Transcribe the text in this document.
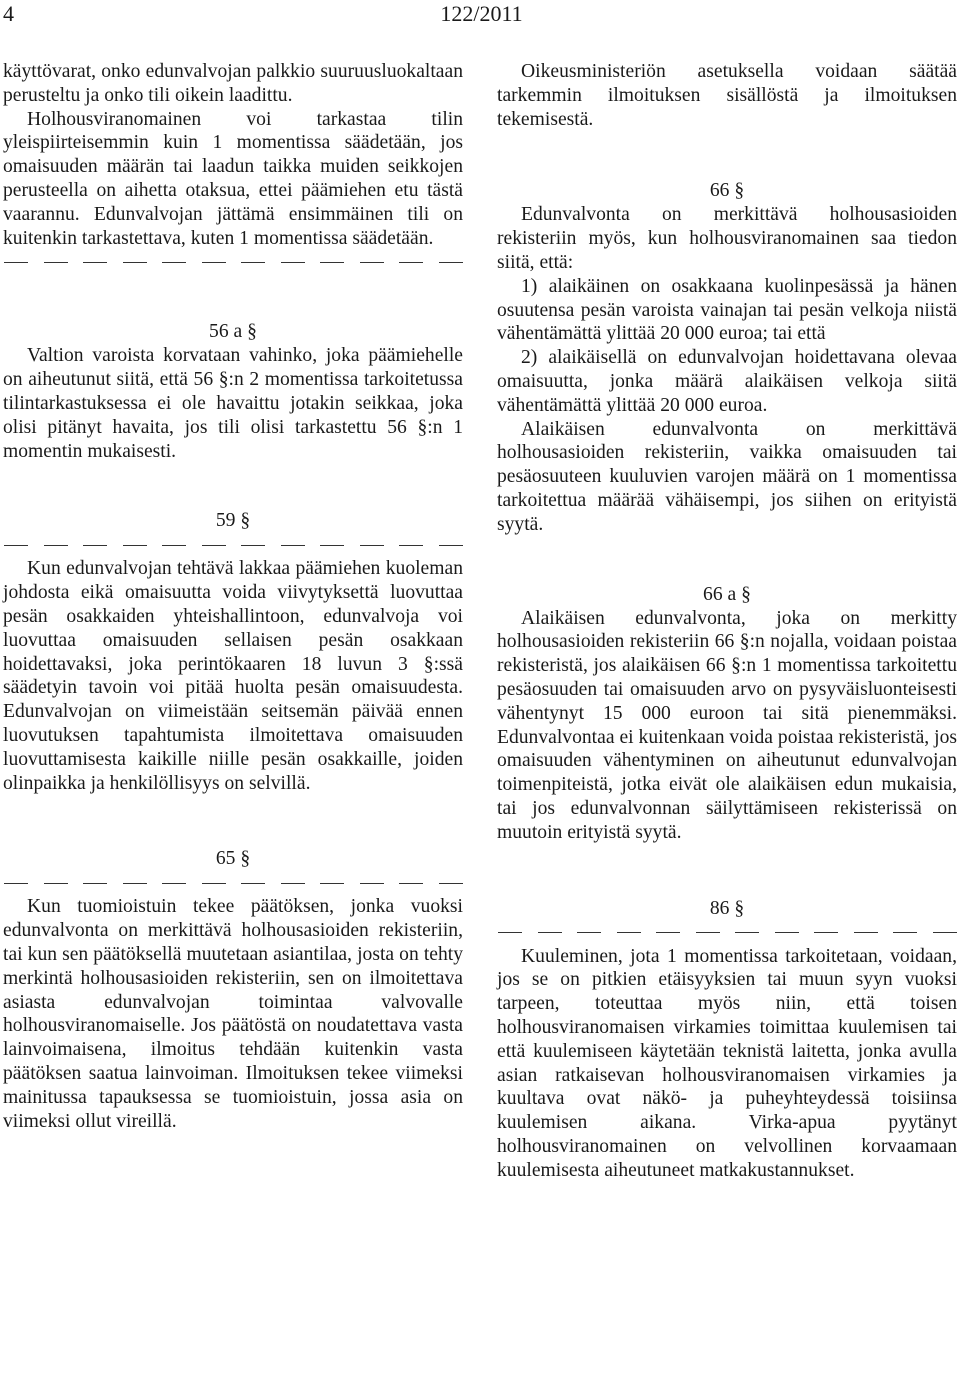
4	122/2011

käyttövarat, onko edunvalvojan palkkio suuruusluokaltaan perusteltu ja onko tili oikein laadittu.

Holhousviranomainen voi tarkastaa tilin yleispiirteisemmin kuin 1 momentissa säädetään, jos omaisuuden määrän tai laadun taikka muiden seikkojen perusteella on aihetta otaksua, ettei päämiehen etu tästä vaarannu. Edunvalvojan jättämä ensimmäinen tili on kuitenkin tarkastettava, kuten 1 momentissa säädetään.

56 a §

Valtion varoista korvataan vahinko, joka päämiehelle on aiheutunut siitä, että 56 §:n 2 momentissa tarkoitetussa tilintarkastuksessa ei ole havaittu jotakin seikkaa, joka olisi pitänyt havaita, jos tili olisi tarkastettu 56 §:n 1 momentin mukaisesti.

59 §

Kun edunvalvojan tehtävä lakkaa päämiehen kuoleman johdosta eikä omaisuutta voida viivytyksettä luovuttaa pesän osakkaiden yhteishallintoon, edunvalvoja voi luovuttaa omaisuuden sellaisen pesän osakkaan hoidettavaksi, joka perintökaaren 18 luvun 3 §:ssä säädetyin tavoin voi pitää huolta pesän omaisuudesta. Edunvalvojan on viimeistään seitsemän päivää ennen luovutuksen tapahtumista ilmoitettava omaisuuden luovuttamisesta kaikille niille pesän osakkaille, joiden olinpaikka ja henkilöllisyys on selvillä.

65 §

Kun tuomioistuin tekee päätöksen, jonka vuoksi edunvalvonta on merkittävä holhousasioiden rekisteriin, tai kun sen päätöksellä muutetaan asiantilaa, josta on tehty merkintä holhousasioiden rekisteriin, sen on ilmoitettava asiasta edunvalvojan toimintaa valvovalle holhousviranomaiselle. Jos päätöstä on noudatettava vasta lainvoimaisena, ilmoitus tehdään kuitenkin vasta päätöksen saatua lainvoiman. Ilmoituksen tekee viimeksi mainitussa tapauksessa se tuomioistuin, jossa asia on viimeksi ollut vireillä.

Oikeusministeriön asetuksella voidaan säätää tarkemmin ilmoituksen sisällöstä ja ilmoituksen tekemisestä.

66 §

Edunvalvonta on merkittävä holhousasioiden rekisteriin myös, kun holhousviranomainen saa tiedon siitä, että:

1) alaikäinen on osakkaana kuolinpesässä ja hänen osuutensa pesän varoista vainajan tai pesän velkoja niistä vähentämättä ylittää 20 000 euroa; tai että

2) alaikäisellä on edunvalvojan hoidettavana olevaa omaisuutta, jonka määrä alaikäisen velkoja siitä vähentämättä ylittää 20 000 euroa.

Alaikäisen edunvalvonta on merkittävä holhousasioiden rekisteriin, vaikka omaisuuden tai pesäosuuteen kuuluvien varojen määrä on 1 momentissa tarkoitettua määrää vähäisempi, jos siihen on erityistä syytä.

66 a §

Alaikäisen edunvalvonta, joka on merkitty holhousasioiden rekisteriin 66 §:n nojalla, voidaan poistaa rekisteristä, jos alaikäisen 66 §:n 1 momentissa tarkoitettu pesäosuuden tai omaisuuden arvo on pysyväisluonteisesti vähentynyt 15 000 euroon tai sitä pienemmäksi. Edunvalvontaa ei kuitenkaan voida poistaa rekisteristä, jos omaisuuden vähentyminen on aiheutunut edunvalvojan toimenpiteistä, jotka eivät ole alaikäisen edun mukaisia, tai jos edunvalvonnan säilyttämiseen rekisterissä on muutoin erityistä syytä.

86 §

Kuuleminen, jota 1 momentissa tarkoitetaan, voidaan, jos se on pitkien etäisyyksien tai muun syyn vuoksi tarpeen, toteuttaa myös niin, että toisen holhousviranomaisen virkamies toimittaa kuulemisen tai että kuulemiseen käytetään teknistä laitetta, jonka avulla asian ratkaisevan holhousviranomaisen virkamies ja kuultava ovat näkö- ja puheyhteydessä toisiinsa kuulemisen aikana. Virka-apua pyytänyt holhousviranomainen on velvollinen korvaamaan kuulemisesta aiheutuneet matkakustannukset.
